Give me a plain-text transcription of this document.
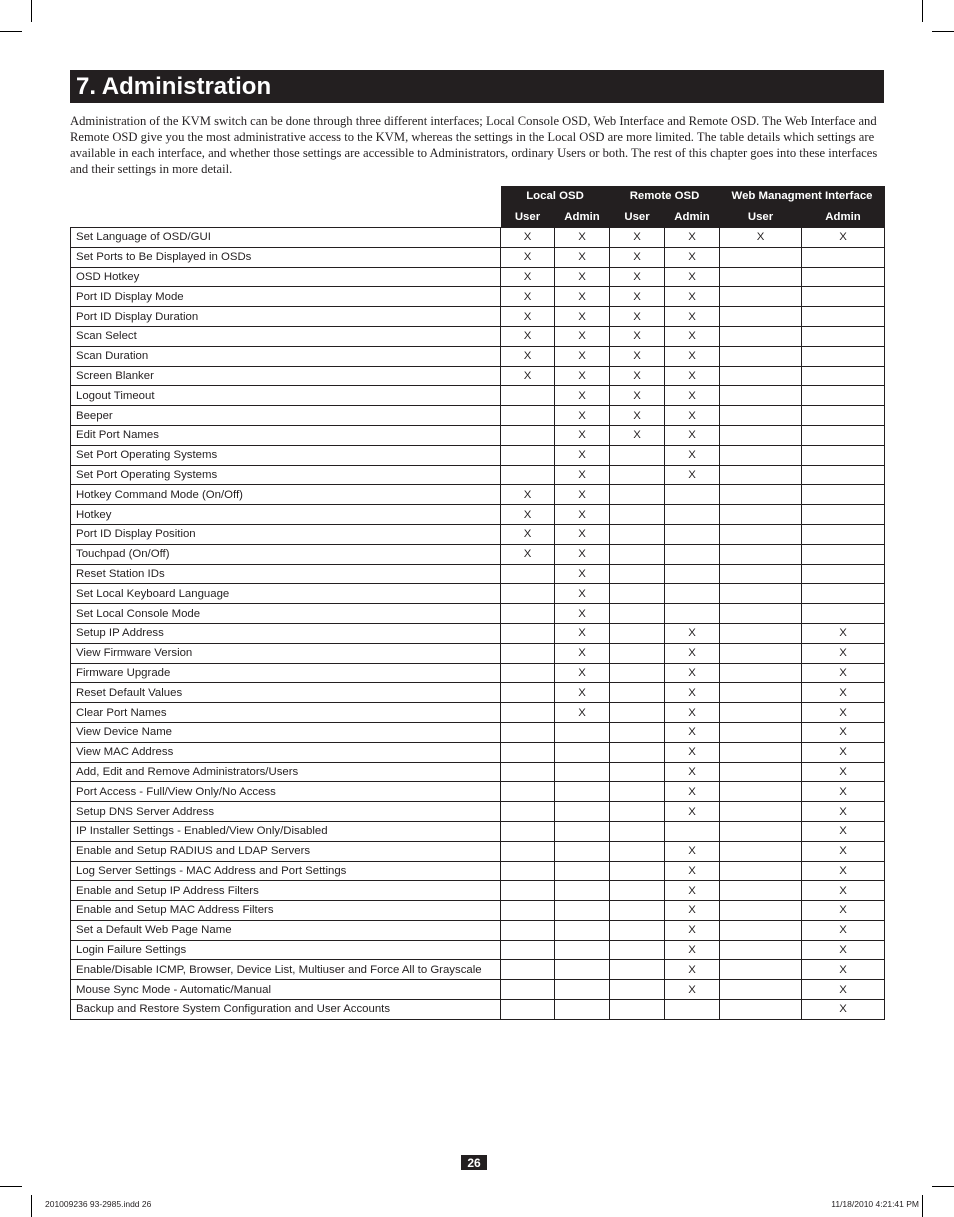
7. Administration

Administration of the KVM switch can be done through three different interfaces; Local Console OSD, Web Interface and Remote OSD. The Web Interface and Remote OSD give you the most administrative access to the KVM, whereas the settings in the Local OSD are more limited. The table details which settings are available in each interface, and whether those settings are accessible to Administrators, ordinary Users or both. The rest of this chapter goes into these interfaces and their settings in more detail.

	Local OSD		Remote OSD		Web Managment Interface	
	User	Admin	User	Admin	User	Admin
Set Language of OSD/GUI	X	X	X	X	X	X
Set Ports to Be Displayed in OSDs	X	X	X	X		
OSD Hotkey	X	X	X	X		
Port ID Display Mode	X	X	X	X		
Port ID Display Duration	X	X	X	X		
Scan Select	X	X	X	X		
Scan Duration	X	X	X	X		
Screen Blanker	X	X	X	X		
Logout Timeout		X	X	X		
Beeper		X	X	X		
Edit Port Names		X	X	X		
Set Port Operating Systems		X		X		
Set Port Operating Systems		X		X		
Hotkey Command Mode (On/Off)	X	X				
Hotkey	X	X				
Port ID Display Position	X	X				
Touchpad (On/Off)	X	X				
Reset Station IDs		X				
Set Local Keyboard Language		X				
Set Local Console Mode		X				
Setup IP Address		X		X		X
View Firmware Version		X		X		X
Firmware Upgrade		X		X		X
Reset Default Values		X		X		X
Clear Port Names		X		X		X
View Device Name				X		X
View MAC Address				X		X
Add, Edit and Remove Administrators/Users				X		X
Port Access - Full/View Only/No Access				X		X
Setup DNS Server Address				X		X
IP Installer Settings - Enabled/View Only/Disabled						X
Enable and Setup RADIUS and LDAP Servers				X		X
Log Server Settings - MAC Address and Port Settings				X		X
Enable and Setup IP Address Filters				X		X
Enable and Setup MAC Address Filters				X		X
Set a Default Web Page Name				X		X
Login Failure Settings				X		X
Enable/Disable ICMP, Browser, Device List, Multiuser and Force All to Grayscale				X		X
Mouse Sync Mode - Automatic/Manual				X		X
Backup and Restore System Configuration and User Accounts						X
26
201009236 93-2985.indd 26	11/18/2010 4:21:41 PM
